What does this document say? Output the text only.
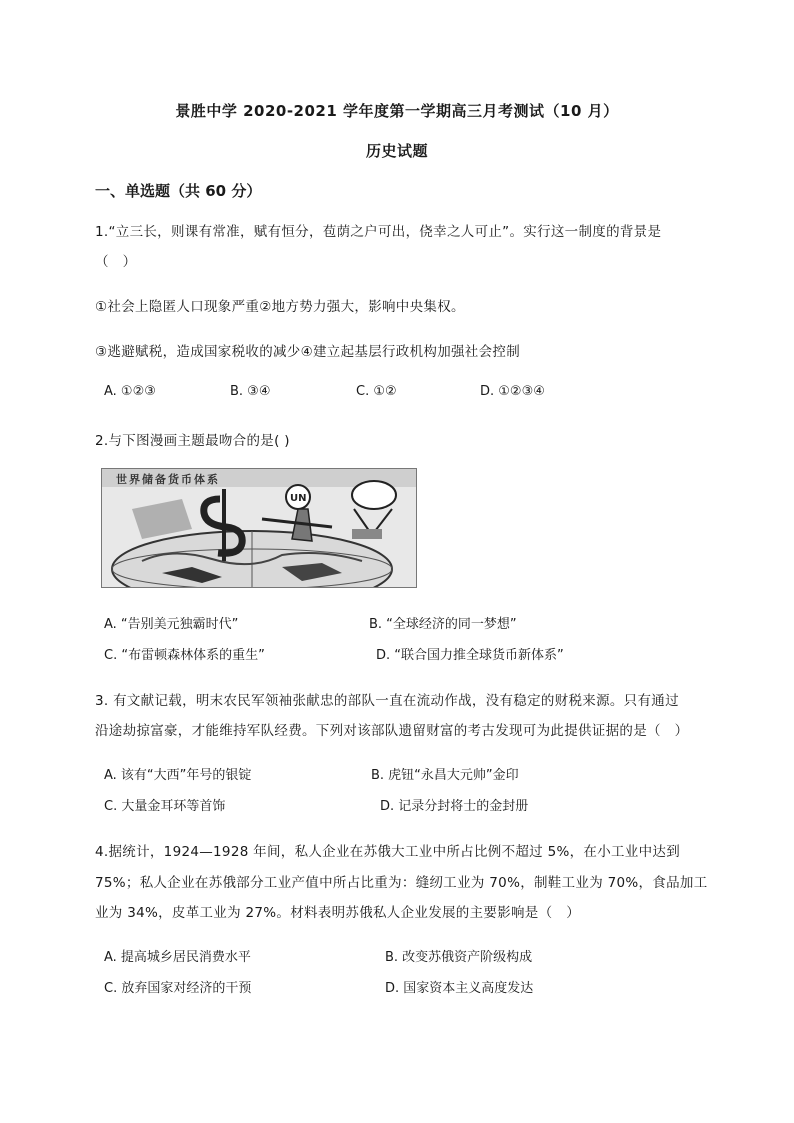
景胜中学 2020-2021 学年度第一学期高三月考测试（10 月）
历史试题
一、单选题（共 60 分）
1.“立三长，则课有常准，赋有恒分，苞荫之户可出，侥幸之人可止”。实行这一制度的背景是
（　）
①社会上隐匿人口现象严重②地方势力强大，影响中央集权。
③逃避赋税，造成国家税收的减少④建立起基层行政机构加强社会控制
A. ①②③	B. ③④	C. ①②	D. ①②③④
2.与下图漫画主题最吻合的是( )
UN
世界储备货币体系
A. “告别美元独霸时代”	B. “全球经济的同一梦想”
C. “布雷顿森林体系的重生”	D. “联合国力推全球货币新体系”
3. 有文献记载，明末农民军领袖张献忠的部队一直在流动作战，没有稳定的财税来源。只有通过
沿途劫掠富豪，才能维持军队经费。下列对该部队遗留财富的考古发现可为此提供证据的是（　）
A. 该有“大西”年号的银锭	B. 虎钮“永昌大元帅”金印
C. 大量金耳环等首饰	D. 记录分封将士的金封册
4.据统计，1924—1928 年间，私人企业在苏俄大工业中所占比例不超过 5%，在小工业中达到
75%；私人企业在苏俄部分工业产值中所占比重为：缝纫工业为 70%，制鞋工业为 70%，食品加工
业为 34%，皮革工业为 27%。材料表明苏俄私人企业发展的主要影响是（　）
A. 提高城乡居民消费水平	B. 改变苏俄资产阶级构成
C. 放弃国家对经济的干预	D. 国家资本主义高度发达
